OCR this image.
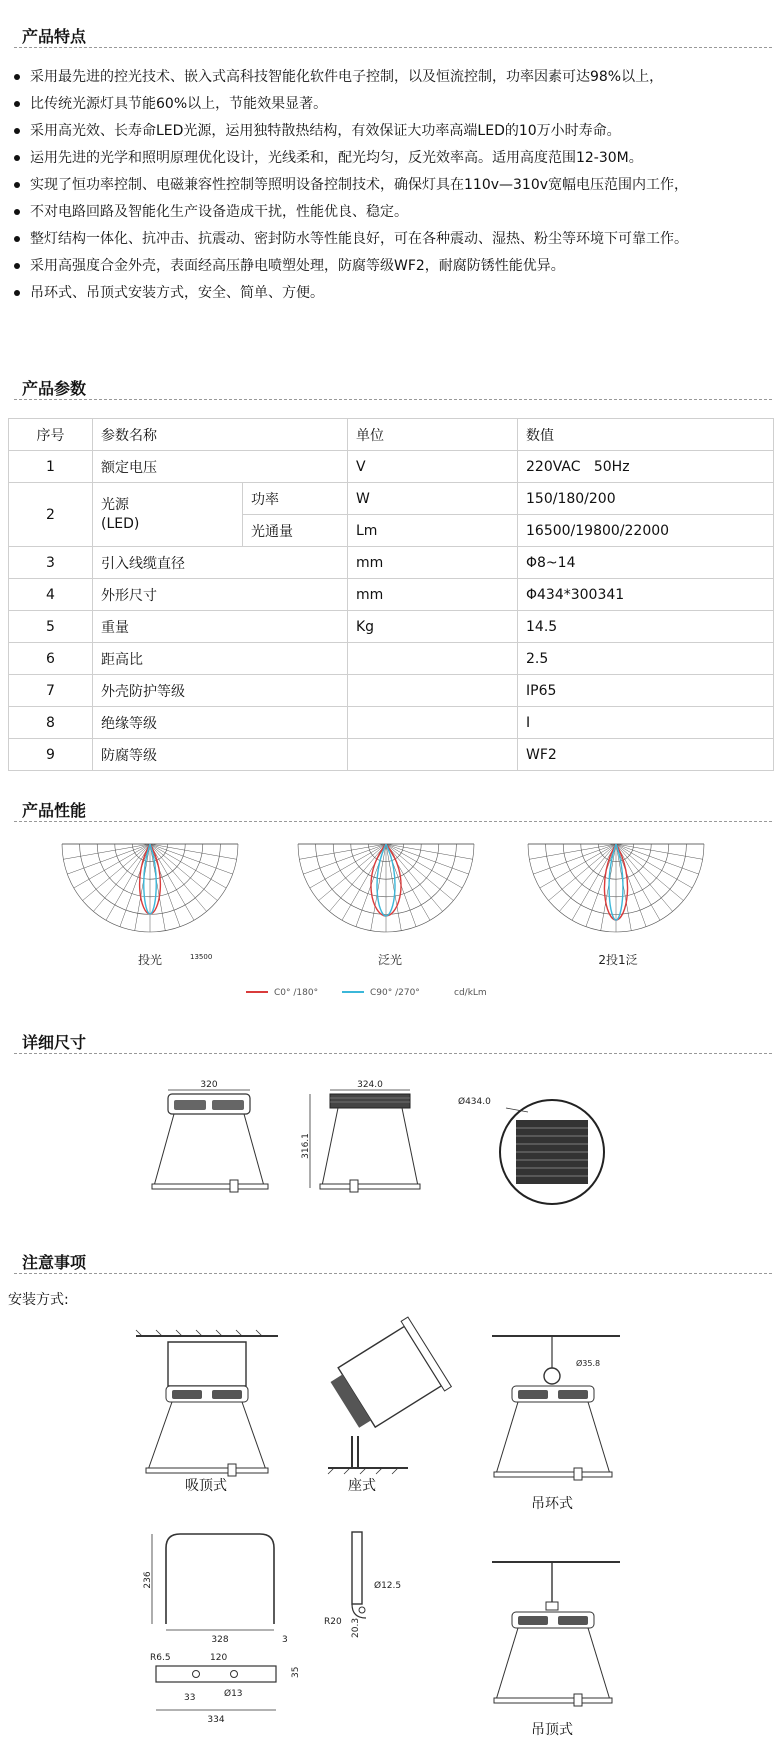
产品特点
采用最先进的控光技术、嵌入式高科技智能化软件电子控制，以及恒流控制，功率因素可达98%以上，
比传统光源灯具节能60%以上，节能效果显著。
采用高光效、长寿命LED光源，运用独特散热结构，有效保证大功率高端LED的10万小时寿命。
运用先进的光学和照明原理优化设计，光线柔和，配光均匀，反光效率高。适用高度范围12-30M。
实现了恒功率控制、电磁兼容性控制等照明设备控制技术，确保灯具在110v—310v宽幅电压范围内工作，
不对电路回路及智能化生产设备造成干扰，性能优良、稳定。
整灯结构一体化、抗冲击、抗震动、密封防水等性能良好，可在各种震动、湿热、粉尘等环境下可靠工作。
采用高强度合金外壳，表面经高压静电喷塑处理，防腐等级WF2，耐腐防锈性能优异。
吊环式、吊顶式安装方式，安全、简单、方便。
产品参数
序号	参数名称		单位	数值
1	额定电压		V	220VAC   50Hz
2	光源
(LED)	功率	W	150/180/200
		光通量	Lm	16500/19800/22000
3	引入线缆直径		mm	Φ8~14
4	外形尺寸		mm	Φ434*300341
5	重量		Kg	14.5
6	距高比			2.5
7	外壳防护等级			IP65
8	绝缘等级			I
9	防腐等级			WF2
产品性能
投光	13500	泛光	2投1泛
C0° /180°	C90° /270°	cd/kLm
详细尺寸
320	324.0
316.1
Ø434.0
注意事项
安装方式:
吸顶式	座式
Ø35.8
吊环式
236
328	3
R6.5	120
Ø13
33
334
35
Ø12.5
R20 20.3
吊顶式
